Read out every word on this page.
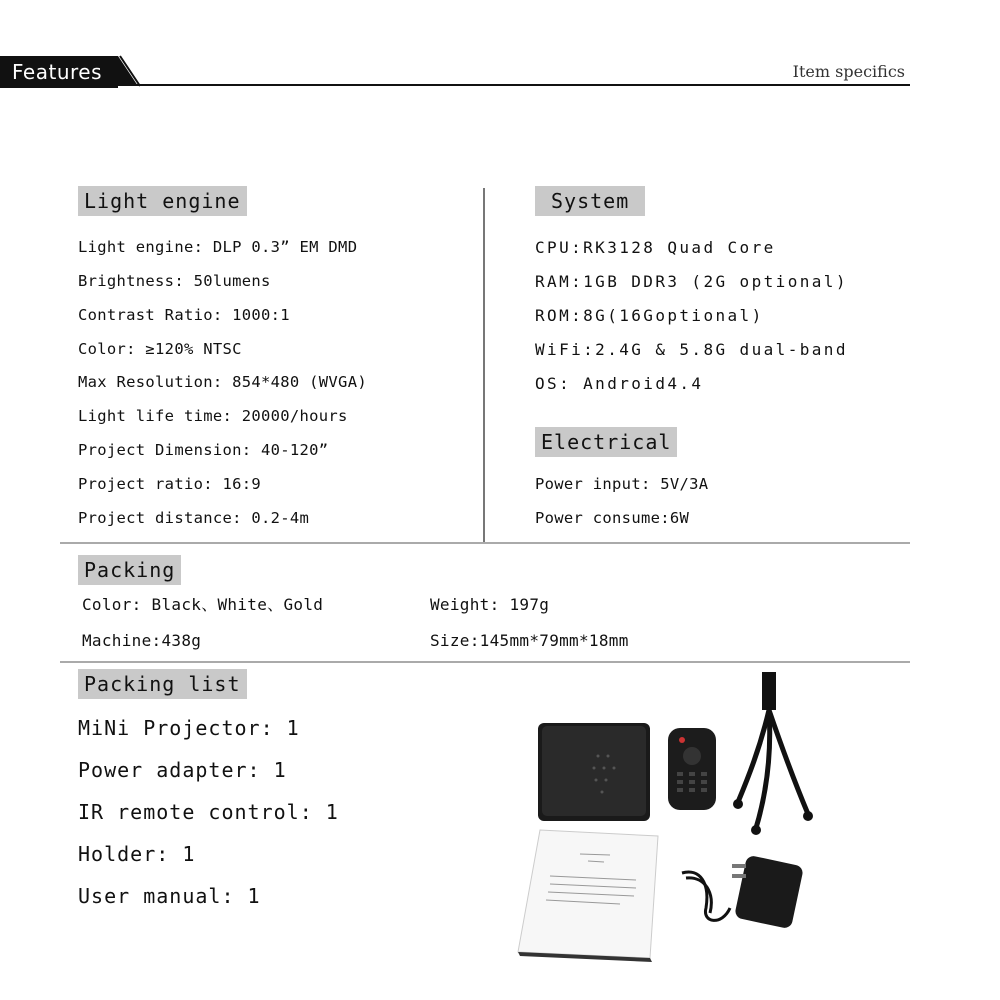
Features	Item specifics
Light engine
Light engine: DLP 0.3” EM DMD
Brightness: 50lumens
Contrast Ratio: 1000:1
Color: ≥120% NTSC
Max Resolution: 854*480 (WVGA)
Light life time: 20000/hours
Project Dimension: 40-120”
Project ratio: 16:9
Project distance: 0.2-4m
System
CPU:RK3128 Quad Core
RAM:1GB DDR3 (2G optional)
ROM:8G(16Goptional)
WiFi:2.4G & 5.8G dual-band
OS: Android4.4
Electrical
Power input: 5V/3A
Power consume:6W
Packing
Color: Black、White、Gold	Weight: 197g
Machine:438g	Size:145mm*79mm*18mm
Packing list
MiNi Projector: 1
Power adapter: 1
IR remote control: 1
Holder: 1
User manual: 1
